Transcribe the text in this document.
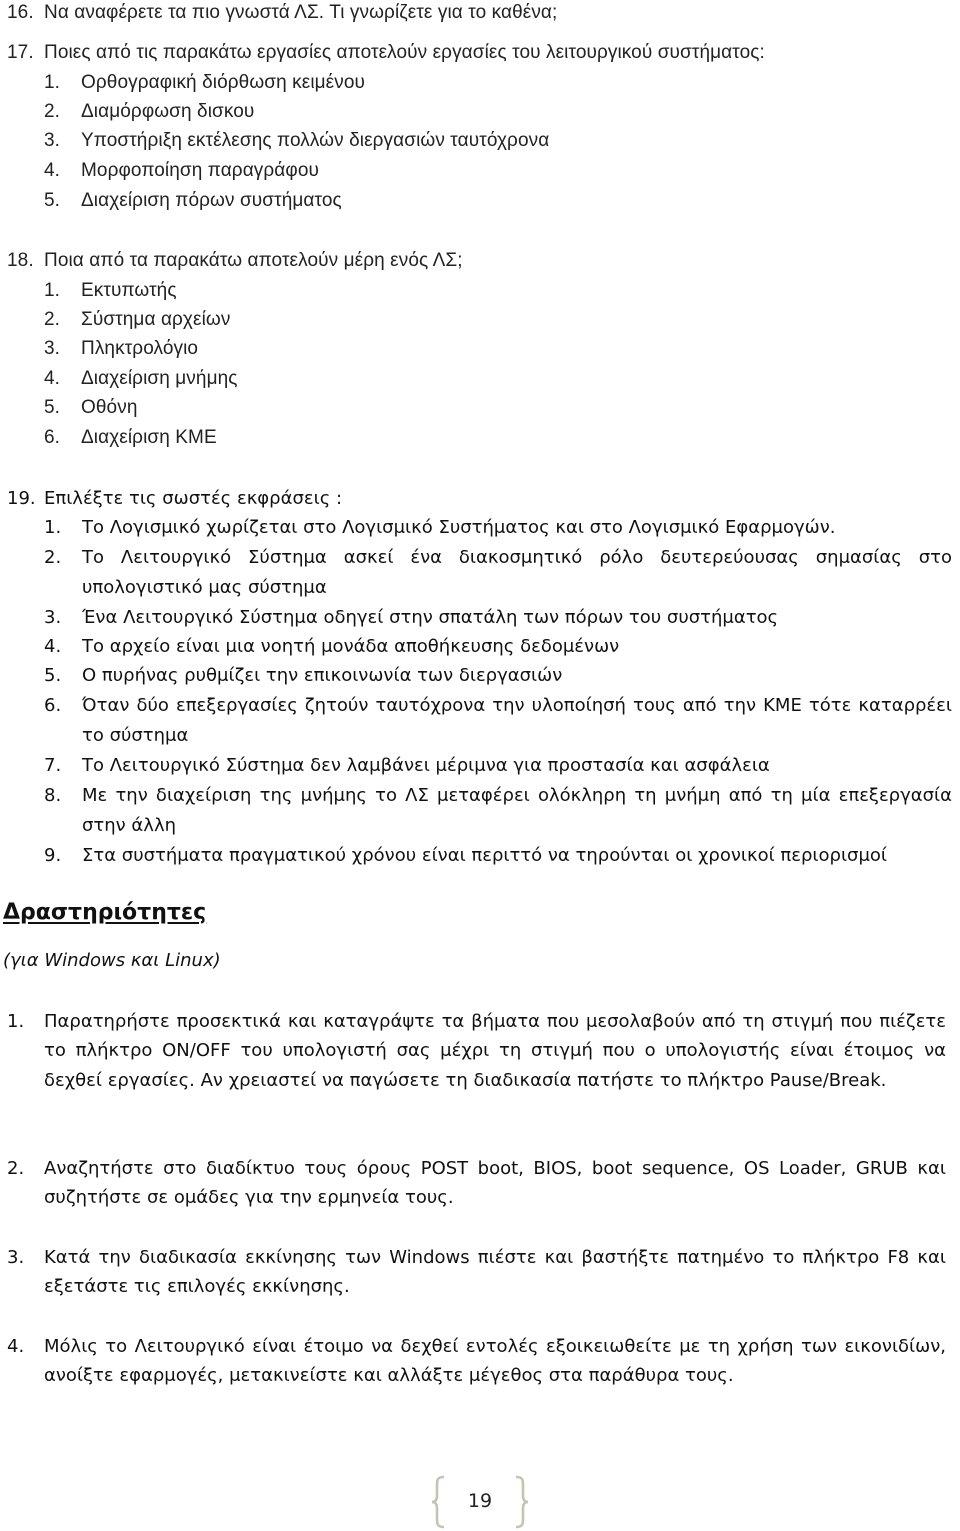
16. Να αναφέρετε τα πιο γνωστά ΛΣ. Τι γνωρίζετε για το καθένα;
17. Ποιες από τις παρακάτω εργασίες αποτελούν εργασίες του λειτουργικού συστήματος:
1. Ορθογραφική διόρθωση κειμένου
2. Διαμόρφωση δισκου
3. Υποστήριξη εκτέλεσης πολλών διεργασιών ταυτόχρονα
4. Μορφοποίηση παραγράφου
5. Διαχείριση πόρων συστήματος
18. Ποια από τα παρακάτω αποτελούν μέρη ενός ΛΣ;
1. Εκτυπωτής
2. Σύστημα αρχείων
3. Πληκτρολόγιο
4. Διαχείριση μνήμης
5. Οθόνη
6. Διαχείριση ΚΜΕ
19. Επιλέξτε τις σωστές εκφράσεις :
1. Το Λογισμικό χωρίζεται στο Λογισμικό Συστήματος και στο Λογισμικό Εφαρμογών.
2. Το Λειτουργικό Σύστημα ασκεί ένα διακοσμητικό ρόλο δευτερεύουσας σημασίας στο υπολογιστικό μας σύστημα
3. Ένα Λειτουργικό Σύστημα οδηγεί στην σπατάλη των πόρων του συστήματος
4. Το αρχείο είναι μια νοητή μονάδα αποθήκευσης δεδομένων
5. Ο πυρήνας ρυθμίζει την επικοινωνία των διεργασιών
6. Όταν δύο επεξεργασίες ζητούν ταυτόχρονα την υλοποίησή τους από την ΚΜΕ τότε καταρρέει το σύστημα
7. Το Λειτουργικό Σύστημα δεν λαμβάνει μέριμνα για προστασία και ασφάλεια
8. Με την διαχείριση της μνήμης το ΛΣ μεταφέρει ολόκληρη τη μνήμη από τη μία επεξεργασία στην άλλη
9. Στα συστήματα πραγματικού χρόνου είναι περιττό να τηρούνται οι χρονικοί περιορισμοί
Δραστηριότητες
(για Windows και Linux)
1. Παρατηρήστε προσεκτικά και καταγράψτε τα βήματα που μεσολαβούν από τη στιγμή που πιέζετε το πλήκτρο ON/OFF του υπολογιστή σας μέχρι τη στιγμή που ο υπολογιστής είναι έτοιμος να δεχθεί εργασίες. Αν χρειαστεί να παγώσετε τη διαδικασία πατήστε το πλήκτρο Pause/Break.
2. Αναζητήστε στο διαδίκτυο τους όρους POST boot, BIOS, boot sequence, OS Loader, GRUB και συζητήστε σε ομάδες για την ερμηνεία τους.
3. Κατά την διαδικασία εκκίνησης των Windows πιέστε και βαστήξτε πατημένο το πλήκτρο F8 και εξετάστε τις επιλογές εκκίνησης.
4. Μόλις το Λειτουργικό είναι έτοιμο να δεχθεί εντολές εξοικειωθείτε με τη χρήση των εικονιδίων, ανοίξτε εφαρμογές, μετακινείστε και αλλάξτε μέγεθος στα παράθυρα τους.
19
